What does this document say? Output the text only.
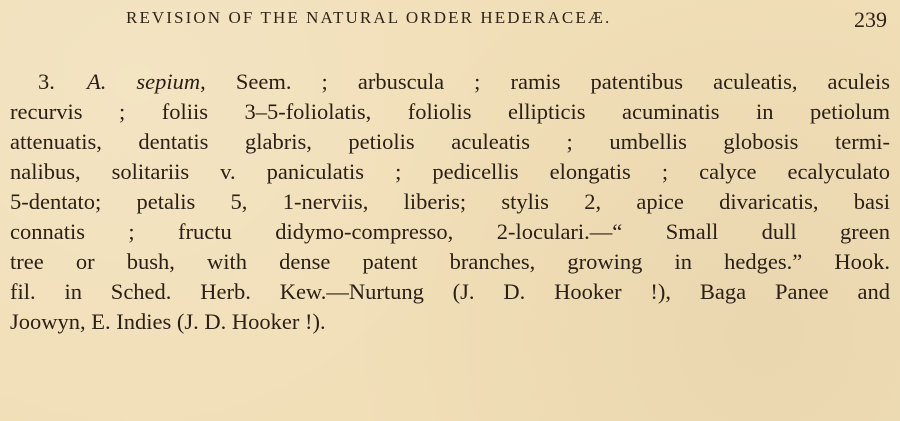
REVISION OF THE NATURAL ORDER HEDERACEÆ.	239
3. A. sepium, Seem. ; arbuscula ; ramis patentibus aculeatis, aculeis
recurvis ; foliis 3–5-foliolatis, foliolis ellipticis acuminatis in petiolum
attenuatis, dentatis glabris, petiolis aculeatis ; umbellis globosis termi-
nalibus, solitariis v. paniculatis ; pedicellis elongatis ; calyce ecalyculato
5-dentato; petalis 5, 1-nerviis, liberis; stylis 2, apice divaricatis, basi
connatis ; fructu didymo-compresso, 2-loculari.—“ Small dull green
tree or bush, with dense patent branches, growing in hedges.” Hook.
fil. in Sched. Herb. Kew.—Nurtung (J. D. Hooker !), Baga Panee and
Joowyn, E. Indies (J. D. Hooker !).
